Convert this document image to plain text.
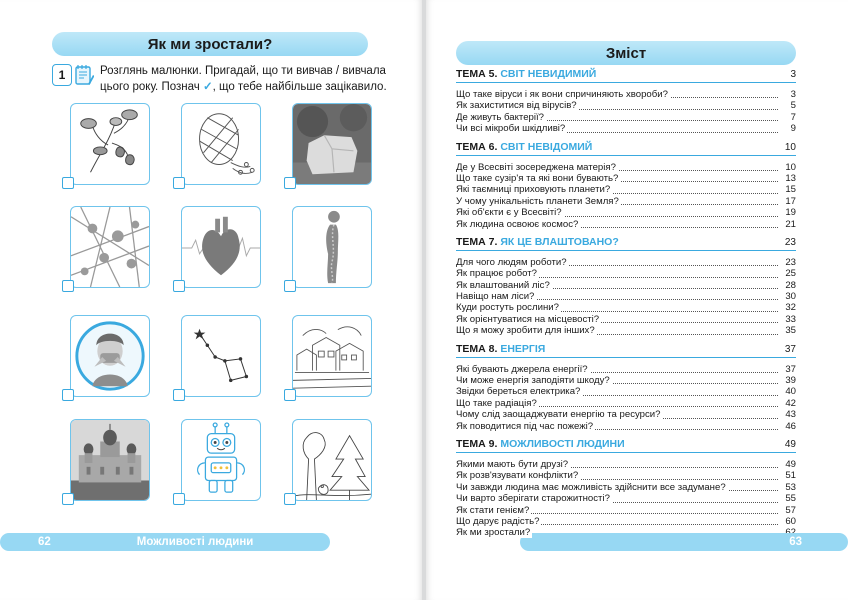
Як ми зростали?
1	Розглянь малюнки. Пригадай, що ти вивчав / вивчала цього року. Познач ✓, що тебе найбільше зацікавило.
62	Можливості людини
Зміст
ТЕМА 5. СВІТ НЕВИДИМИЙ	3
Що таке віруси і як вони спричиняють хвороби?	3
Як захиститися від вірусів?	5
Де живуть бактерії?	7
Чи всі мікроби шкідливі?	9
ТЕМА 6. СВІТ НЕВІДОМИЙ	10
Де у Всесвіті зосереджена матерія?	10
Що таке сузір'я та які вони бувають?	13
Які таємниці приховують планети?	15
У чому унікальність планети Земля?	17
Які об'єкти є у Всесвіті?	19
Як людина освоює космос?	21
ТЕМА 7. ЯК ЦЕ ВЛАШТОВАНО?	23
Для чого людям роботи?	23
Як працює робот?	25
Як влаштований ліс?	28
Навіщо нам ліси?	30
Куди ростуть рослини?	32
Як орієнтуватися на місцевості?	33
Що я можу зробити для інших?	35
ТЕМА 8. ЕНЕРГІЯ	37
Які бувають джерела енергії?	37
Чи може енергія заподіяти шкоду?	39
Звідки береться електрика?	40
Що таке радіація?	42
Чому слід заощаджувати енергію та ресурси?	43
Як поводитися під час пожежі?	46
ТЕМА 9. МОЖЛИВОСТІ ЛЮДИНИ	49
Якими мають бути друзі?	49
Як розв'язувати конфлікти?	51
Чи завжди людина має можливість здійснити все задумане?	53
Чи варто зберігати старожитності?	55
Як стати генієм?	57
Що дарує радість?	60
Як ми зростали?
63
